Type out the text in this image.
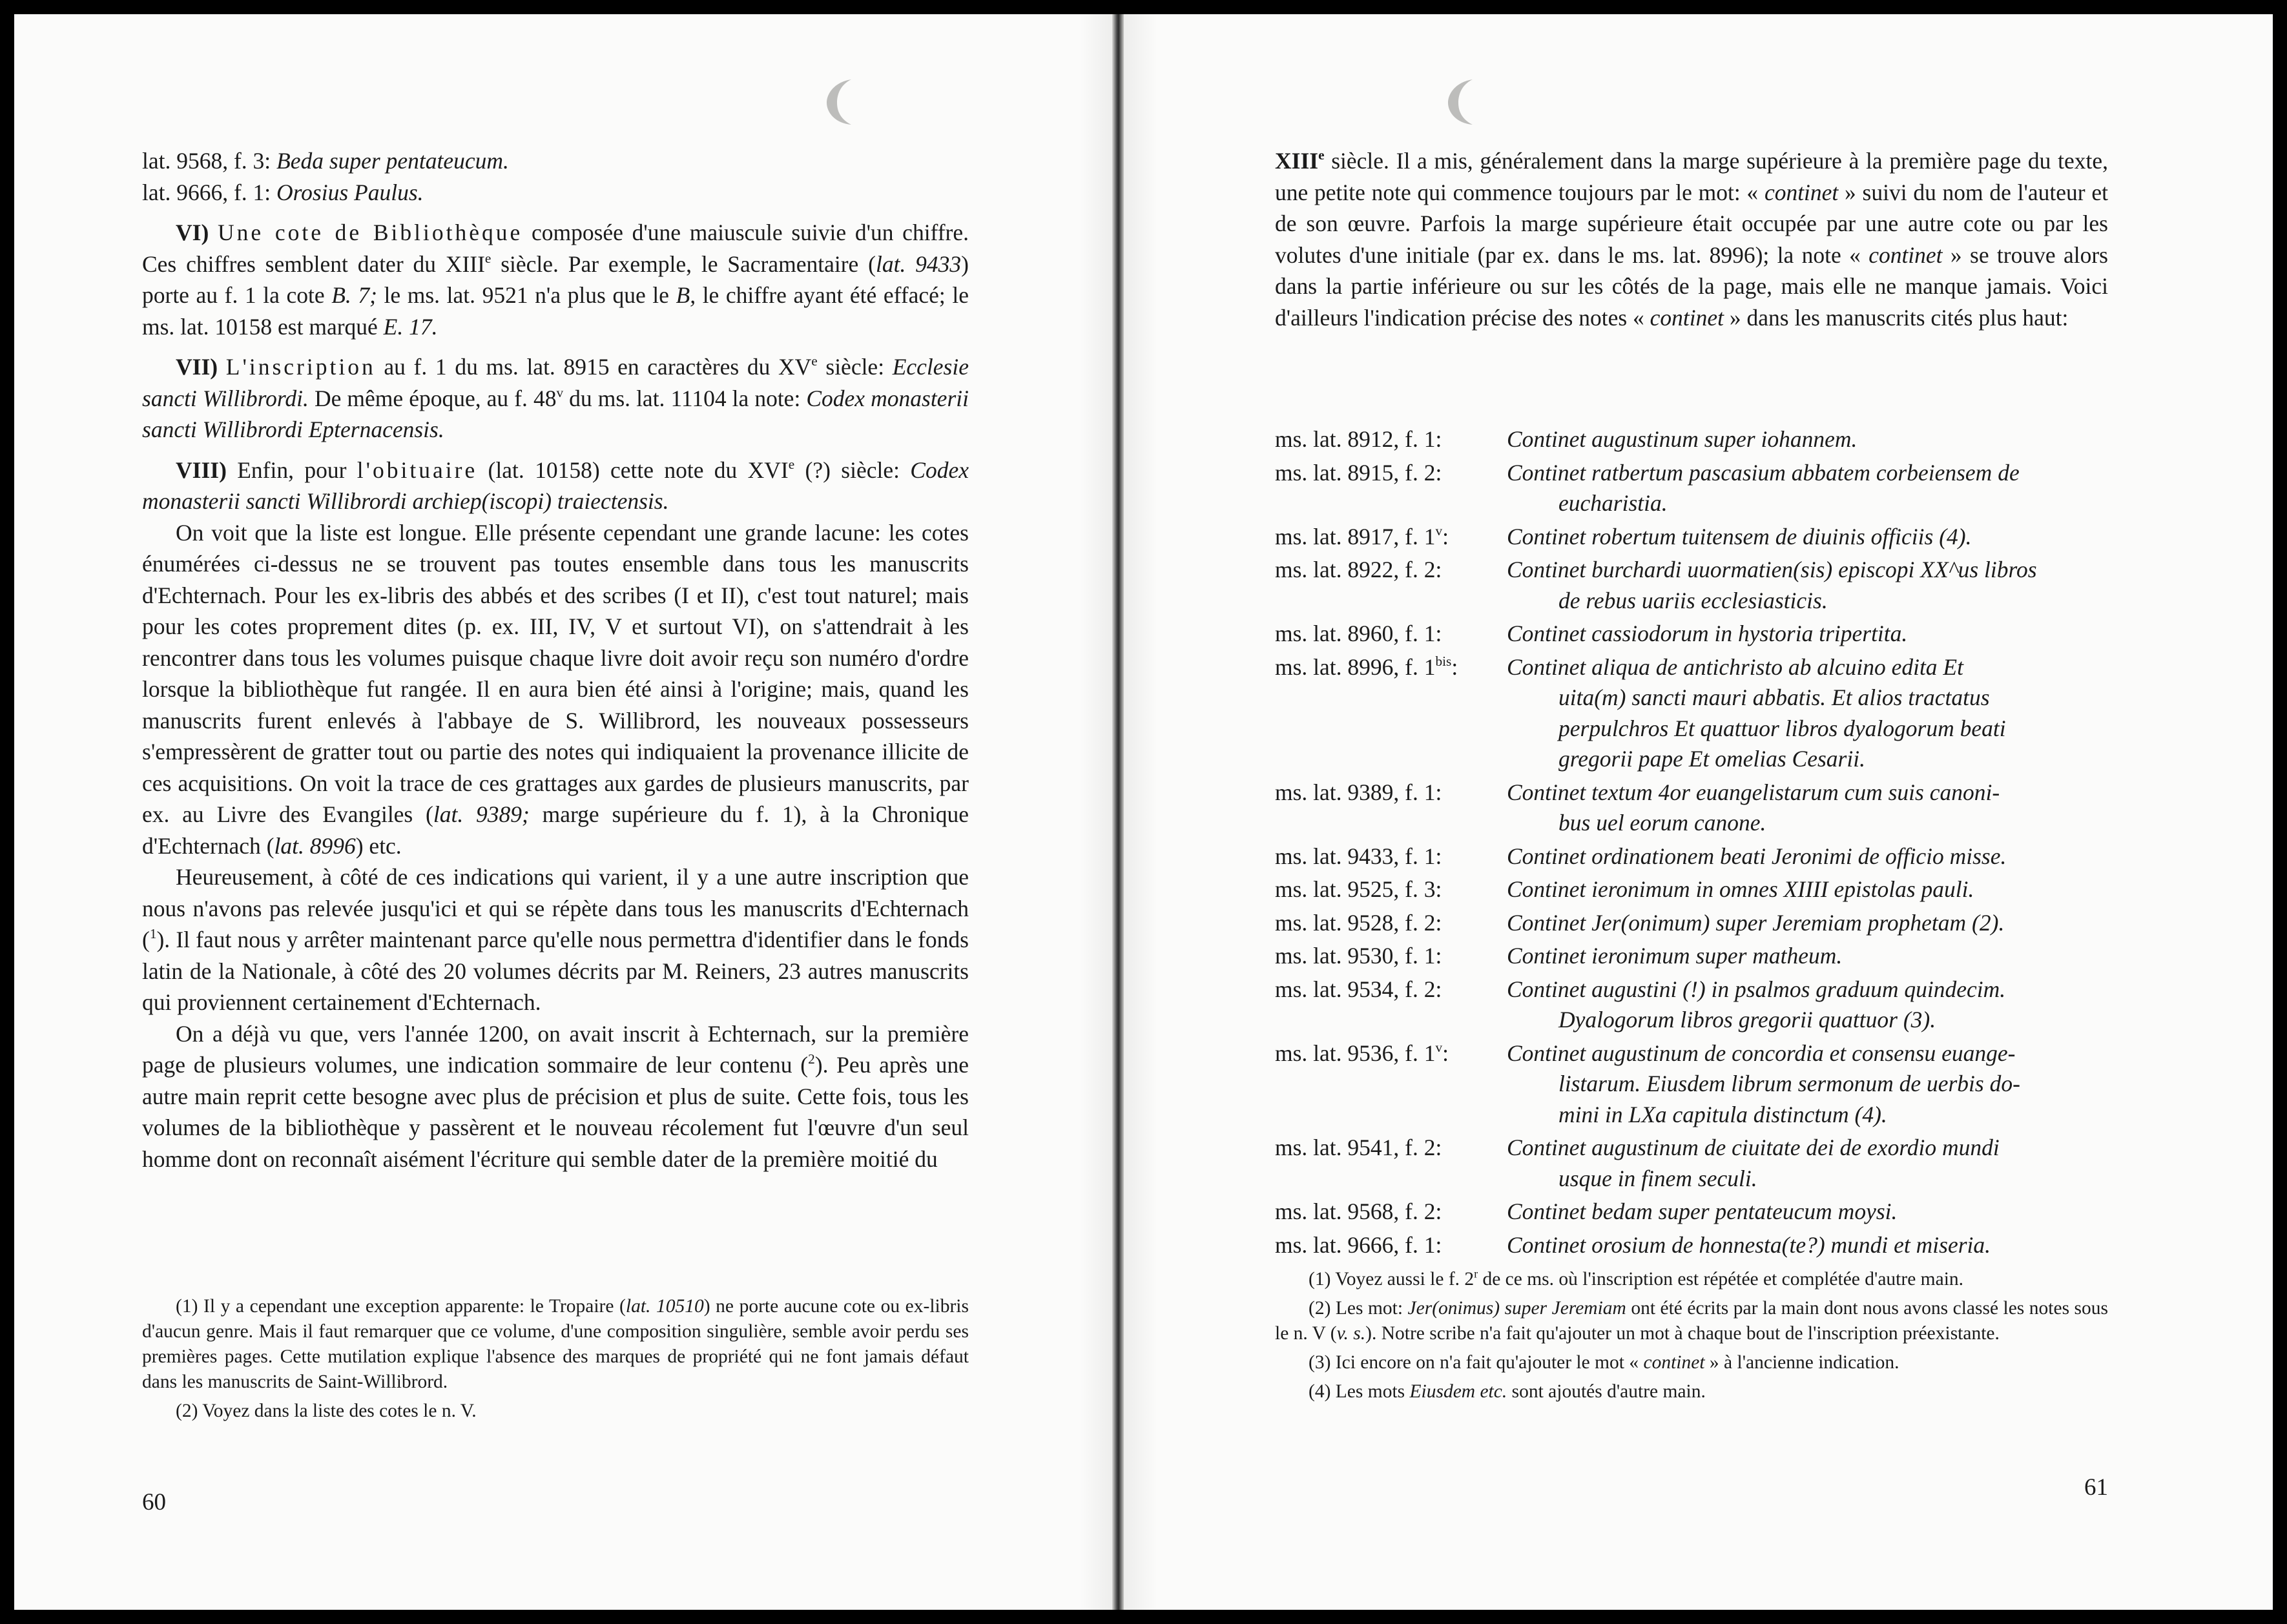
lat. 9568, f. 3: Beda super pentateucum.

lat. 9666, f. 1: Orosius Paulus.

VI) Une cote de Bibliothèque composée d'une maiuscule suivie d'un chiffre. Ces chiffres semblent dater du XIIIe siècle. Par exemple, le Sacramentaire (lat. 9433) porte au f. 1 la cote B. 7; le ms. lat. 9521 n'a plus que le B, le chiffre ayant été effacé; le ms. lat. 10158 est marqué E. 17.

VII) L'inscription au f. 1 du ms. lat. 8915 en caractères du XVe siècle: Ecclesie sancti Willibrordi. De même époque, au f. 48$^v$ du ms. lat. 11104 la note: Codex monasterii sancti Willibrordi Epternacensis.

VIII) Enfin, pour l'obituaire (lat. 10158) cette note du XVIe (?) siècle: Codex monasterii sancti Willibrordi archiep(iscopi) traiectensis.

On voit que la liste est longue. Elle présente cependant une grande lacune: les cotes énumérées ci-dessus ne se trouvent pas toutes ensemble dans tous les manuscrits d'Echternach. Pour les ex-libris des abbés et des scribes (I et II), c'est tout naturel; mais pour les cotes proprement dites (p. ex. III, IV, V et surtout VI), on s'attendrait à les rencontrer dans tous les volumes puisque chaque livre doit avoir reçu son numéro d'ordre lorsque la bibliothèque fut rangée. Il en aura bien été ainsi à l'origine; mais, quand les manuscrits furent enlevés à l'abbaye de S. Willibrord, les nouveaux possesseurs s'empressèrent de gratter tout ou partie des notes qui indiquaient la provenance illicite de ces acquisitions. On voit la trace de ces grattages aux gardes de plusieurs manuscrits, par ex. au Livre des Evangiles (lat. 9389; marge supérieure du f. 1), à la Chronique d'Echternach (lat. 8996) etc.

Heureusement, à côté de ces indications qui varient, il y a une autre inscription que nous n'avons pas relevée jusqu'ici et qui se répète dans tous les manuscrits d'Echternach ($^1$). Il faut nous y arrêter maintenant parce qu'elle nous permettra d'identifier dans le fonds latin de la Nationale, à côté des 20 volumes décrits par M. Reiners, 23 autres manuscrits qui proviennent certainement d'Echternach.

On a déjà vu que, vers l'année 1200, on avait inscrit à Echternach, sur la première page de plusieurs volumes, une indication sommaire de leur contenu ($^2$). Peu après une autre main reprit cette besogne avec plus de précision et plus de suite. Cette fois, tous les volumes de la bibliothèque y passèrent et le nouveau récolement fut l'œuvre d'un seul homme dont on reconnaît aisément l'écriture qui semble dater de la première moitié du

(1) Il y a cependant une exception apparente: le Tropaire (lat. 10510) ne porte aucune cote ou ex-libris d'aucun genre. Mais il faut remarquer que ce volume, d'une composition singulière, semble avoir perdu ses premières pages. Cette mutilation explique l'absence des marques de propriété qui ne font jamais défaut dans les manuscrits de Saint-Willibrord.

(2) Voyez dans la liste des cotes le n. V.

60

XIIIe siècle. Il a mis, généralement dans la marge supérieure à la première page du texte, une petite note qui commence toujours par le mot: « continet » suivi du nom de l'auteur et de son œuvre. Parfois la marge supérieure était occupée par une autre cote ou par les volutes d'une initiale (par ex. dans le ms. lat. 8996); la note « continet » se trouve alors dans la partie inférieure ou sur les côtés de la page, mais elle ne manque jamais. Voici d'ailleurs l'indication précise des notes « continet » dans les manuscrits cités plus haut:

ms. lat. 8912, f. 1:	Continet augustinum super iohannem.
ms. lat. 8915, f. 2:	Continet ratbertum pascasium abbatem corbeiensem de
eucharistia.
ms. lat. 8917, f. 1$^v$:	Continet robertum tuitensem de diuinis officiis (4).
ms. lat. 8922, f. 2:	Continet burchardi uuormatien(sis) episcopi XX^us libros
de rebus uariis ecclesiasticis.
ms. lat. 8960, f. 1:	Continet cassiodorum in hystoria tripertita.
ms. lat. 8996, f. $1^{bis}$:	Continet aliqua de antichristo ab alcuino edita Et
uita(m) sancti mauri abbatis. Et alios tractatus
perpulchros Et quattuor libros dyalogorum beati
gregorii pape Et omelias Cesarii.
ms. lat. 9389, f. 1:	Continet textum 4or euangelistarum cum suis canoni-
bus uel eorum canone.
ms. lat. 9433, f. 1:	Continet ordinationem beati Jeronimi de officio misse.
ms. lat. 9525, f. 3:	Continet ieronimum in omnes XIIII epistolas pauli.
ms. lat. 9528, f. 2:	Continet Jer(onimum) super Jeremiam prophetam (2).
ms. lat. 9530, f. 1:	Continet ieronimum super matheum.
ms. lat. 9534, f. 2:	Continet augustini (!) in psalmos graduum quindecim.
Dyalogorum libros gregorii quattuor (3).
ms. lat. 9536, f. 1$^v$:	Continet augustinum de concordia et consensu euange-
listarum. Eiusdem librum sermonum de uerbis do-
mini in LXa capitula distinctum (4).
ms. lat. 9541, f. 2:	Continet augustinum de ciuitate dei de exordio mundi
usque in finem seculi.
ms. lat. 9568, f. 2:	Continet bedam super pentateucum moysi.
ms. lat. 9666, f. 1:	Continet orosium de honnesta(te?) mundi et miseria.

(1) Voyez aussi le f. 2$^r$ de ce ms. où l'inscription est répétée et complétée d'autre main.

(2) Les mot: Jer(onimus) super Jeremiam ont été écrits par la main dont nous avons classé les notes sous le n. V (v. s.). Notre scribe n'a fait qu'ajouter un mot à chaque bout de l'inscription préexistante.

(3) Ici encore on n'a fait qu'ajouter le mot « continet » à l'ancienne indication.

(4) Les mots Eiusdem etc. sont ajoutés d'autre main.

61
